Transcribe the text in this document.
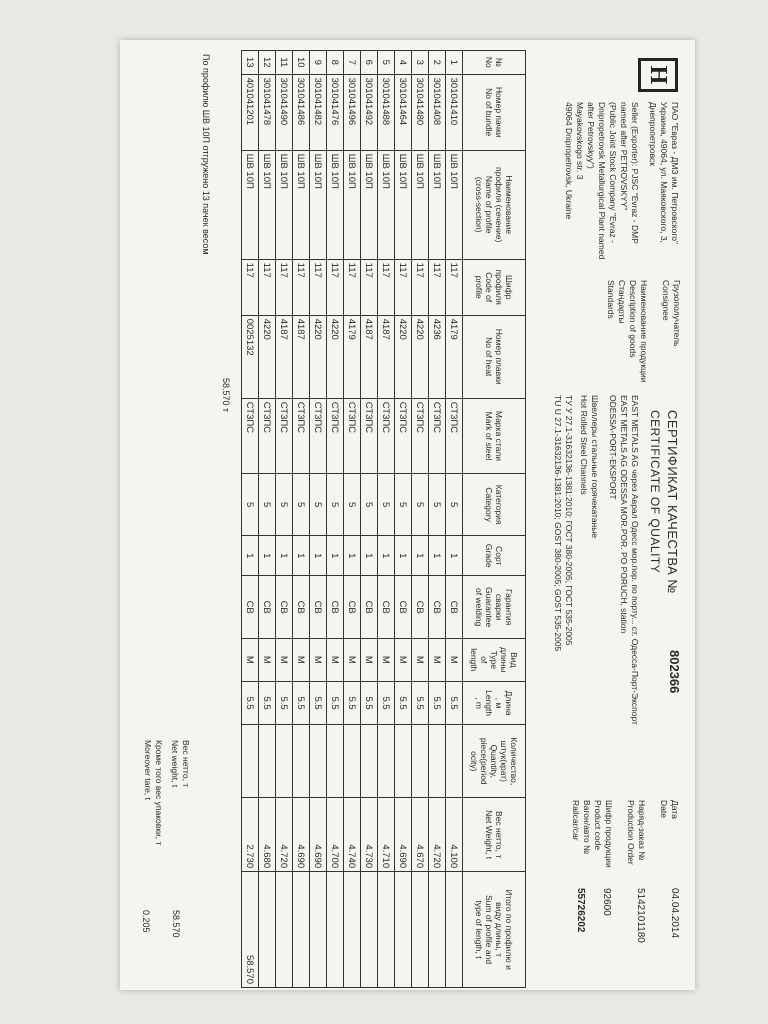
Н
ПАО "Евраз - ДМЗ им. Петровского"
Украина, 49064, ул. Маяковского, 3,
Днепропетровск
Seller (Exporter): PJSC "Evraz - DMP
named after PETROVSKYY"
(Public Joint Stock Company "Evraz -
Dnipropetrovsk Metallurgical Plant named
after Petrovskyy")
Mayakovskogo str. 3
49064 Dnipropetrovsk, Ukraine
Грузополучатель
Consignee

Наименование продукции
Description of goods
Стандарты
Standards
СЕРТИФИКАТ КАЧЕСТВА №
CERTIFICATE OF QUALITY
802366
EAST METALS AG через Аврал Одесс мор.пор. по порту... ст. Одесса-Порт-Экспорт
EAST METALS AG ODESSA MOR.POR. PO PORUCH, station
ODESSA-PORT-EKSPORT
Швеллеры стальные горячекатаные
Hot Rolled Steel Channels
ТУ У 27.1-31632136-1381:2010; ГОСТ 380-2005; ГОСТ 535-2005
TU U 27.1-31632136-1381:2010; GOST 380-2005; GOST 535-2005
Дата
Date

Наряд-заказ №
Production Order

Шифр продукции
Product code
Вагон/авто №
Railcar/car
04.04.2014
5142101180
92600
55726202
№
No	Номер пачки
No of bundle	Наименование
профиля (сечение)
Name of profile
(cross-section)	Шифр
профиля
Code of
profile	Номер плавки
No of heat	Марка стали
Mark of steel	Категория
Category	Сорт
Grade	Гарантия
сварки
Guarantee
of welding	Вид
длины
Type
of
length	Длина
, м
Length
, m	Количество,
штук(крат)
Quantity,
piece(period
ocity)	Вес нетто, т
Net Weight, t	Итого по профилю и
виду длины, т
Sum of profile and
type of length, t
1	301041410	ШВ 10П	117	4179	СТ3ПС	5	1	СВ	М	5.5		4.100	
2	301041408	ШВ 10П	117	4236	СТ3ПС	5	1	СВ	М	5.5		4.720	
3	301041480	ШВ 10П	117	4220	СТ3ПС	5	1	СВ	М	5.5		4.670	
4	301041464	ШВ 10П	117	4220	СТ3ПС	5	1	СВ	М	5.5		4.690	
5	301041488	ШВ 10П	117	4187	СТ3ПС	5	1	СВ	М	5.5		4.710	
6	301041492	ШВ 10П	117	4187	СТ3ПС	5	1	СВ	М	5.5		4.730	
7	301041496	ШВ 10П	117	4179	СТ3ПС	5	1	СВ	М	5.5		4.740	
8	301041476	ШВ 10П	117	4220	СТ3ПС	5	1	СВ	М	5.5		4.700	
9	301041482	ШВ 10П	117	4220	СТ3ПС	5	1	СВ	М	5.5		4.690	
10	301041486	ШВ 10П	117	4187	СТ3ПС	5	1	СВ	М	5.5		4.690	
11	301041490	ШВ 10П	117	4187	СТ3ПС	5	1	СВ	М	5.5		4.720	
12	301041478	ШВ 10П	117	4220	СТ3ПС	5	1	СВ	М	5.5		4.680	
13	401041201	ШВ 10П	117	0025132	СТ3ПС	5	1	СВ	М	5.5		2.730	58.570
По профилю ШВ 10П отгружено 13 пачек весом
58.570 т
Вес нетто, т
Net weight, t
58.570
Кроме того вес упаковки, т
Moreover tare, t
0.205
